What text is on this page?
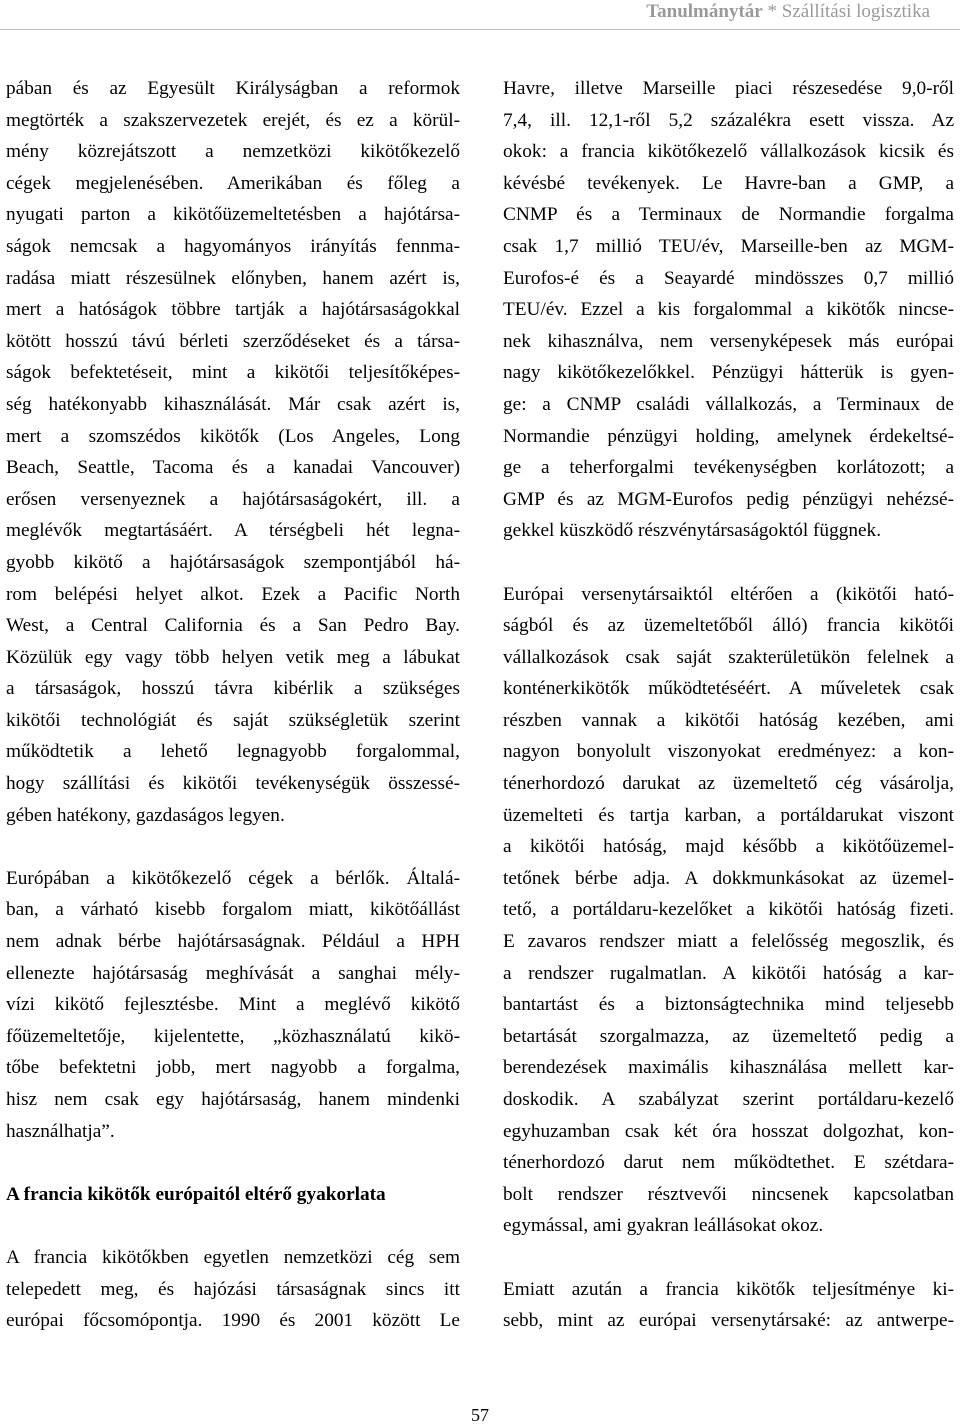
Tanulmánytár * Szállítási logisztika
pában és az Egyesült Királyságban a reformok
megtörték a szakszervezetek erejét, és ez a körül-
mény közrejátszott a nemzetközi kikötőkezelő
cégek megjelenésében. Amerikában és főleg a
nyugati parton a kikötőüzemeltetésben a hajótársa-
ságok nemcsak a hagyományos irányítás fennma-
radása miatt részesülnek előnyben, hanem azért is,
mert a hatóságok többre tartják a hajótársaságokkal
kötött hosszú távú bérleti szerződéseket és a társa-
ságok befektetéseit, mint a kikötői teljesítőképes-
ség hatékonyabb kihasználását. Már csak azért is,
mert a szomszédos kikötők (Los Angeles, Long
Beach, Seattle, Tacoma és a kanadai Vancouver)
erősen versenyeznek a hajótársaságokért, ill. a
meglévők megtartásáért. A térségbeli hét legna-
gyobb kikötő a hajótársaságok szempontjából há-
rom belépési helyet alkot. Ezek a Pacific North
West, a Central California és a San Pedro Bay.
Közülük egy vagy több helyen vetik meg a lábukat
a társaságok, hosszú távra kibérlik a szükséges
kikötői technológiát és saját szükségletük szerint
működtetik a lehető legnagyobb forgalommal,
hogy szállítási és kikötői tevékenységük összessé-
gében hatékony, gazdaságos legyen.
Európában a kikötőkezelő cégek a bérlők. Általá-
ban, a várható kisebb forgalom miatt, kikötőállást
nem adnak bérbe hajótársaságnak. Például a HPH
ellenezte hajótársaság meghívását a sanghai mély-
vízi kikötő fejlesztésbe. Mint a meglévő kikötő
főüzemeltetője, kijelentette, „közhasználatú kikö-
tőbe befektetni jobb, mert nagyobb a forgalma,
hisz nem csak egy hajótársaság, hanem mindenki
használhatja”.
A francia kikötők európaitól eltérő gyakorlata
A francia kikötőkben egyetlen nemzetközi cég sem
telepedett meg, és hajózási társaságnak sincs itt
európai főcsomópontja. 1990 és 2001 között Le
Havre, illetve Marseille piaci részesedése 9,0-ről
7,4, ill. 12,1-ről 5,2 százalékra esett vissza. Az
okok: a francia kikötőkezelő vállalkozások kicsik és
kévésbé tevékenyek. Le Havre-ban a GMP, a
CNMP és a Terminaux de Normandie forgalma
csak 1,7 millió TEU/év, Marseille-ben az MGM-
Eurofos-é és a Seayardé mindösszes 0,7 millió
TEU/év. Ezzel a kis forgalommal a kikötők nincse-
nek kihasználva, nem versenyképesek más európai
nagy kikötőkezelőkkel. Pénzügyi hátterük is gyen-
ge: a CNMP családi vállalkozás, a Terminaux de
Normandie pénzügyi holding, amelynek érdekeltsé-
ge a teherforgalmi tevékenységben korlátozott; a
GMP és az MGM-Eurofos pedig pénzügyi nehézsé-
gekkel küszködő részvénytársaságoktól függnek.
Európai versenytársaiktól eltérően a (kikötői ható-
ságból és az üzemeltetőből álló) francia kikötői
vállalkozások csak saját szakterületükön felelnek a
konténerkikötők működtetéséért. A műveletek csak
részben vannak a kikötői hatóság kezében, ami
nagyon bonyolult viszonyokat eredményez: a kon-
ténerhordozó darukat az üzemeltető cég vásárolja,
üzemelteti és tartja karban, a portáldarukat viszont
a kikötői hatóság, majd később a kikötőüzemel-
tetőnek bérbe adja. A dokkmunkásokat az üzemel-
tető, a portáldaru-kezelőket a kikötői hatóság fizeti.
E zavaros rendszer miatt a felelősség megoszlik, és
a rendszer rugalmatlan. A kikötői hatóság a kar-
bantartást és a biztonságtechnika mind teljesebb
betartását szorgalmazza, az üzemeltető pedig a
berendezések maximális kihasználása mellett kar-
doskodik. A szabályzat szerint portáldaru-kezelő
egyhuzamban csak két óra hosszat dolgozhat, kon-
ténerhordozó darut nem működtethet. E szétdara-
bolt rendszer résztvevői nincsenek kapcsolatban
egymással, ami gyakran leállásokat okoz.
Emiatt azután a francia kikötők teljesítménye ki-
sebb, mint az európai versenytársaké: az antwerpe-
57
